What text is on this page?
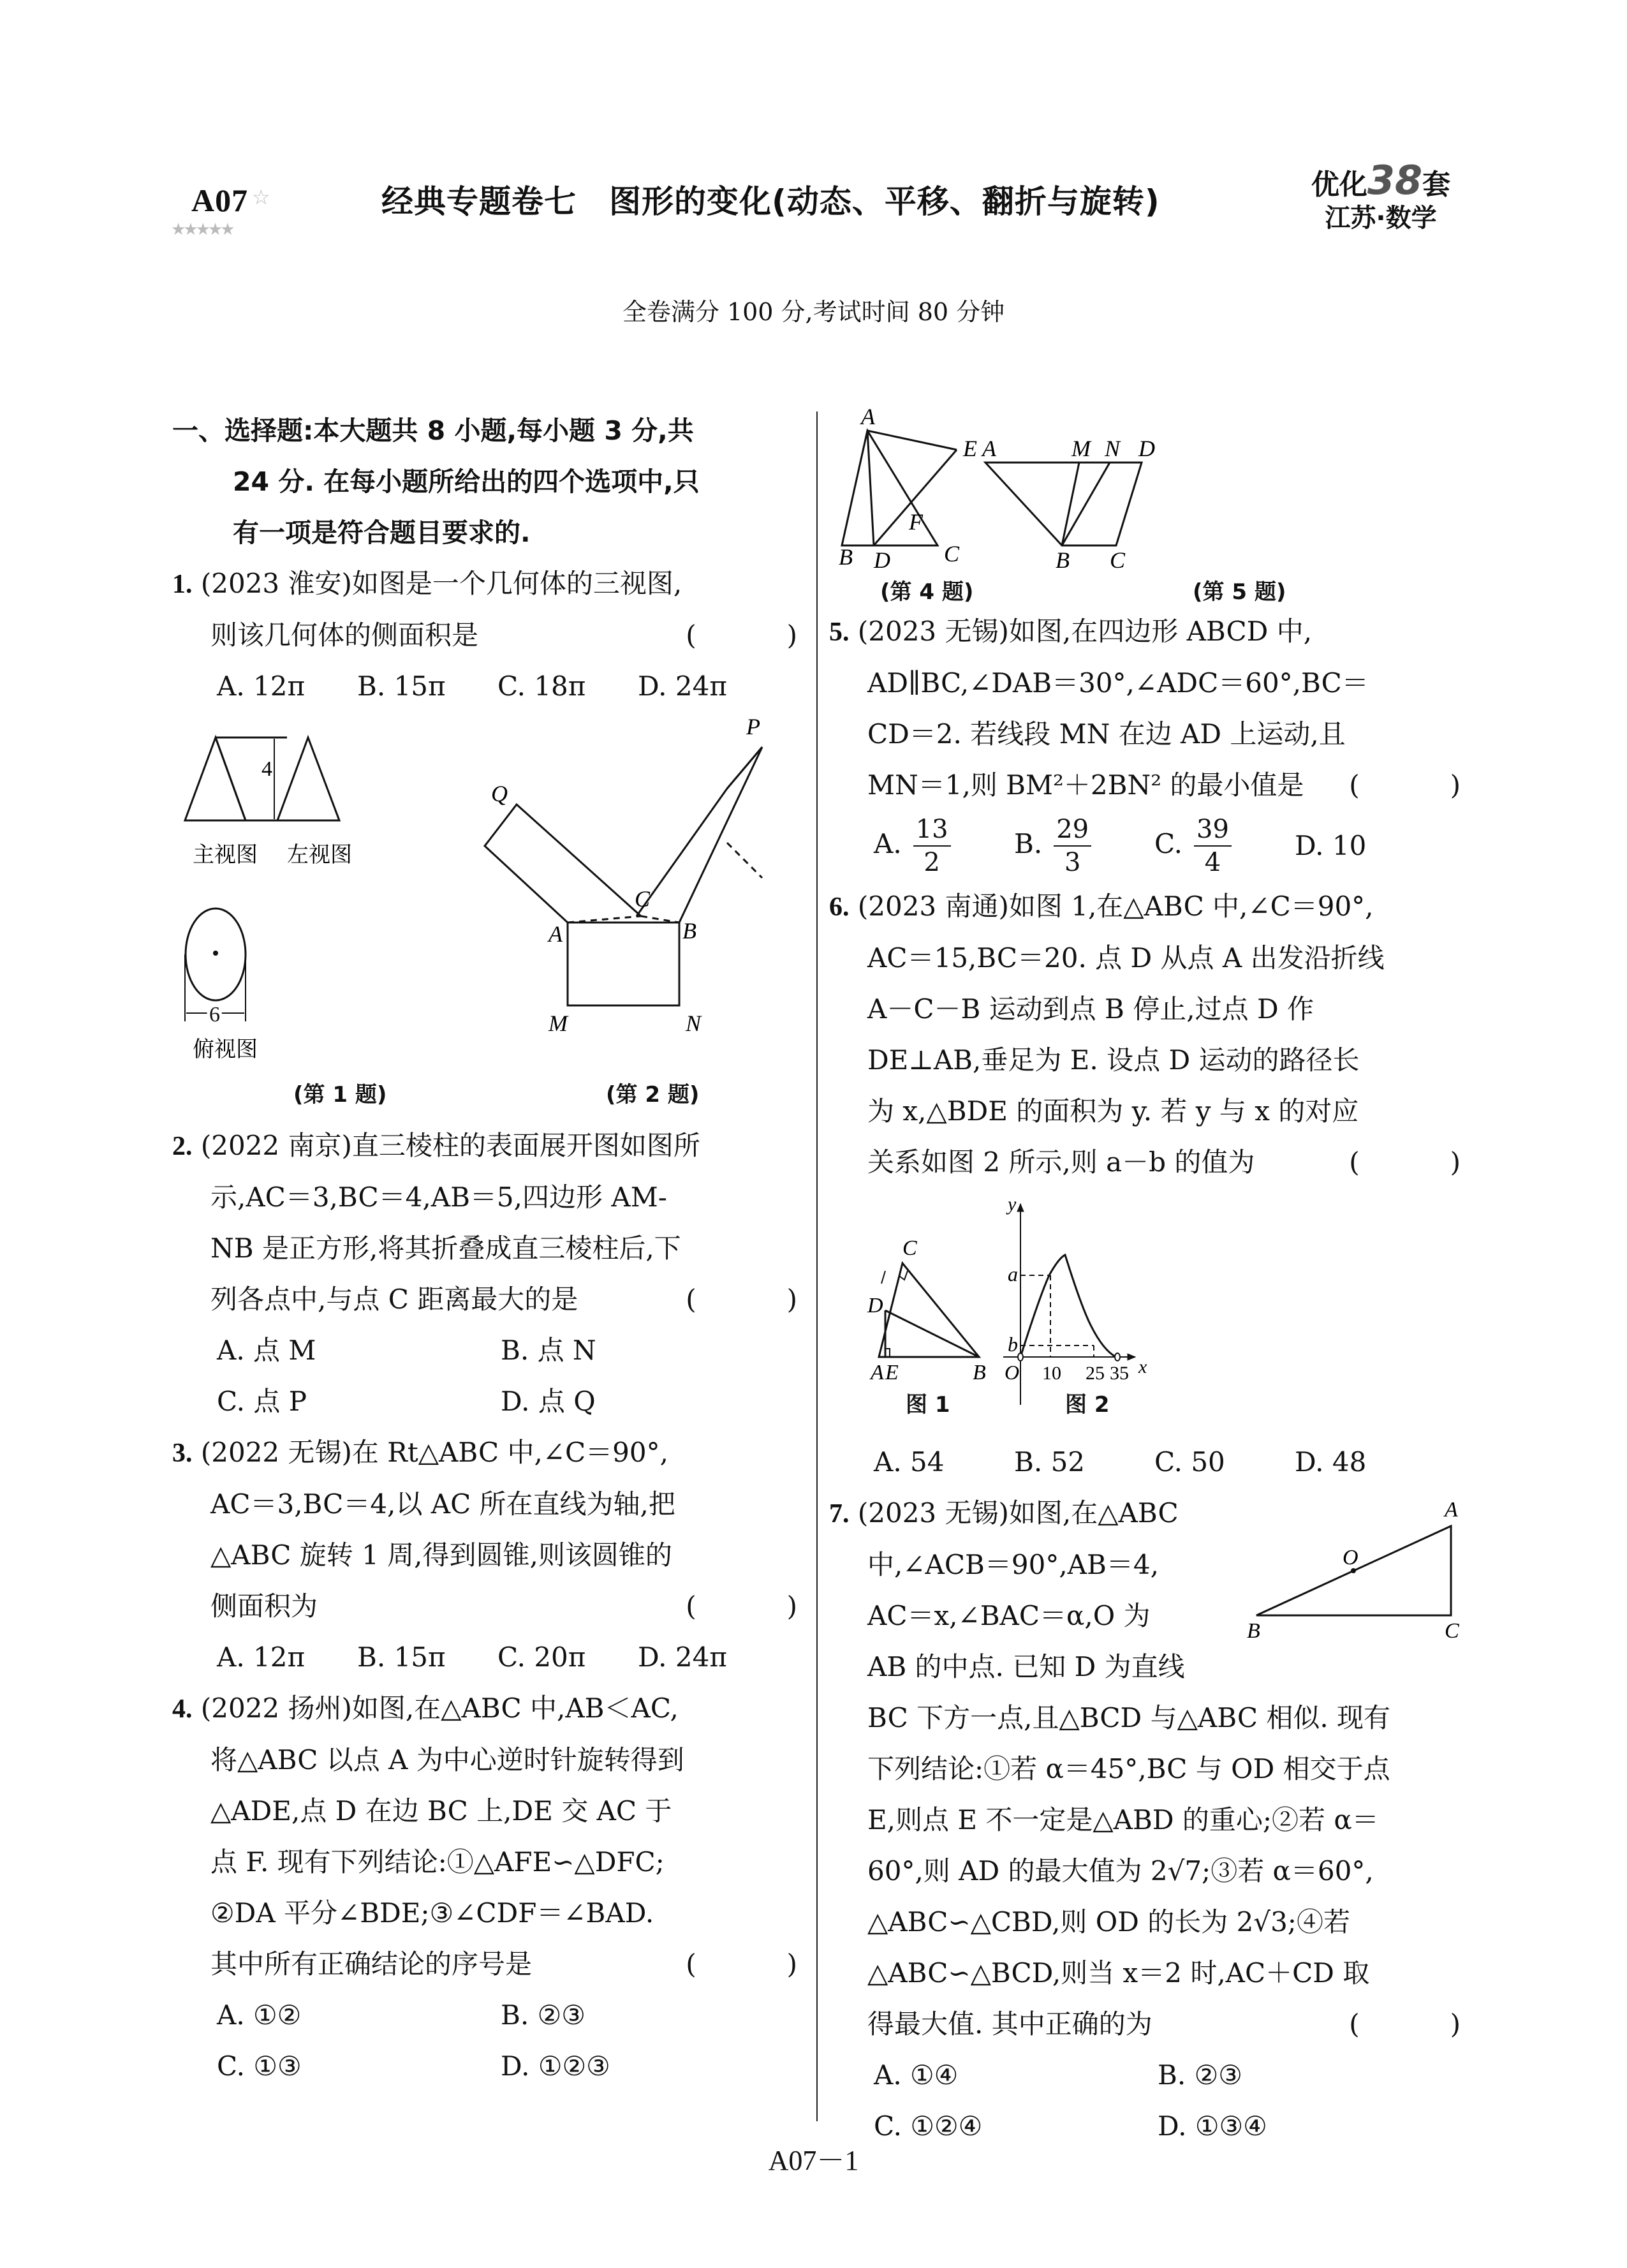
☆
A07
★★★★★
经典专题卷七　图形的变化(动态、平移、翻折与旋转)	优化38套
江苏·数学
全卷满分 100 分,考试时间 80 分钟
一、选择题:本大题共 8 小题,每小题 3 分,共
24 分. 在每小题所给出的四个选项中,只
有一项是符合题目要求的.
1. (2023 淮安)如图是一个几何体的三视图,
则该几何体的侧面积是	(　)
A. 12π	B. 15π	C. 18π	D. 24π
4
6
主视图 左视图
俯视图
P
Q
C
A	B
M	N
(第 1 题)	(第 2 题)
2. (2022 南京)直三棱柱的表面展开图如图所
示,AC＝3,BC＝4,AB＝5,四边形 AM-
NB 是正方形,将其折叠成直三棱柱后,下
列各点中,与点 C 距离最大的是	(　)
A. 点 M	B. 点 N
C. 点 P	D. 点 Q
3. (2022 无锡)在 Rt△ABC 中,∠C＝90°,
AC＝3,BC＝4,以 AC 所在直线为轴,把
△ABC 旋转 1 周,得到圆锥,则该圆锥的
侧面积为	(　)
A. 12π	B. 15π	C. 20π	D. 24π
4. (2022 扬州)如图,在△ABC 中,AB＜AC,
将△ABC 以点 A 为中心逆时针旋转得到
△ADE,点 D 在边 BC 上,DE 交 AC 于
点 F. 现有下列结论:①△AFE∽△DFC;
②DA 平分∠BDE;③∠CDF＝∠BAD.
其中所有正确结论的序号是	(　)
A. ①②	B. ②③
C. ①③	D. ①②③
A
E
F
B D C
A	M N D
B C
(第 4 题)	(第 5 题)
5. (2023 无锡)如图,在四边形 ABCD 中,
AD∥BC,∠DAB＝30°,∠ADC＝60°,BC＝
CD＝2. 若线段 MN 在边 AD 上运动,且
MN＝1,则 BM²＋2BN² 的最小值是 (　)
A. $\frac{13}{2} B$. $\frac{29}{3} C$. $\frac{39}{4} D$. 10
6. (2023 南通)如图 1,在△ABC 中,∠C＝90°,
AC＝15,BC＝20. 点 D 从点 A 出发沿折线
A－C－B 运动到点 B 停止,过点 D 作
DE⊥AB,垂足为 E. 设点 D 运动的路径长
为 x,△BDE 的面积为 y. 若 y 与 x 的对应
关系如图 2 所示,则 a－b 的值为	(　)
C
D
A E	B
y
x
O 10 25 35
a
b
图 1	图 2
A. 54	B. 52	C. 50	D. 48
A
O
B	C
7. (2023 无锡)如图,在△ABC
中,∠ACB＝90°,AB＝4,
AC＝x,∠BAC＝α,O 为
AB 的中点. 已知 D 为直线
BC 下方一点,且△BCD 与△ABC 相似. 现有
下列结论:①若 α＝45°,BC 与 OD 相交于点
E,则点 E 不一定是△ABD 的重心;②若 α＝
60°,则 AD 的最大值为 2√7;③若 α＝60°,
△ABC∽△CBD,则 OD 的长为 2√3;④若
△ABC∽△BCD,则当 x＝2 时,AC＋CD 取
得最大值. 其中正确的为	(　)
A. ①④	B. ②③
C. ①②④	D. ①③④
A07－1
